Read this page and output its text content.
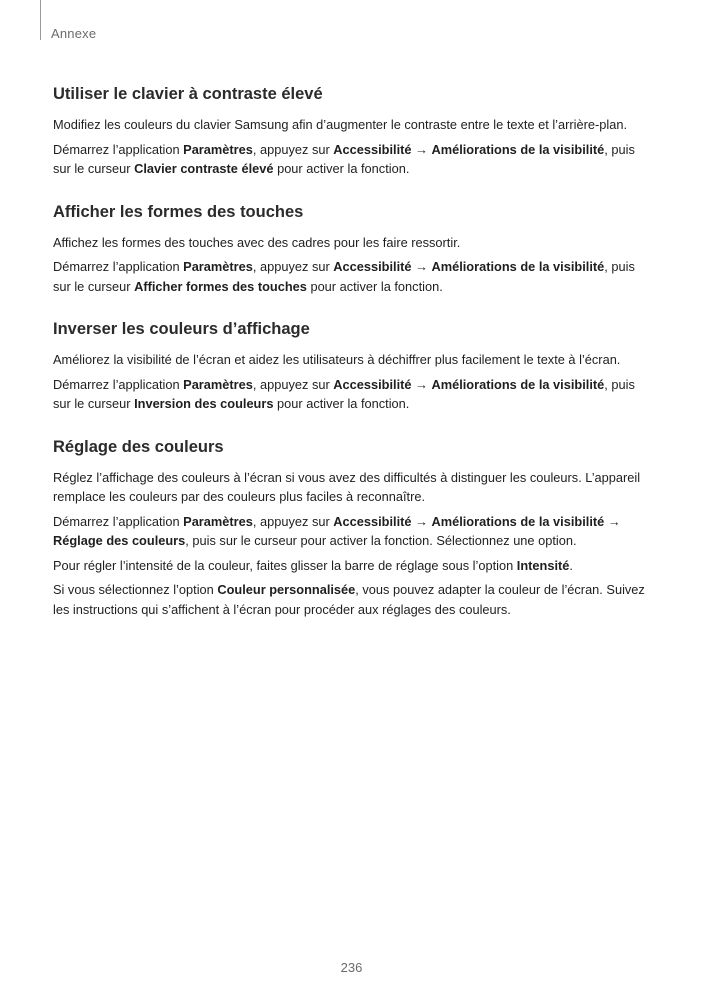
Annexe
Utiliser le clavier à contraste élevé

Modifiez les couleurs du clavier Samsung afin d’augmenter le contraste entre le texte et l’arrière-plan.

Démarrez l’application Paramètres, appuyez sur Accessibilité → Améliorations de la visibilité, puis sur le curseur Clavier contraste élevé pour activer la fonction.

Afficher les formes des touches

Affichez les formes des touches avec des cadres pour les faire ressortir.

Démarrez l’application Paramètres, appuyez sur Accessibilité → Améliorations de la visibilité, puis sur le curseur Afficher formes des touches pour activer la fonction.

Inverser les couleurs d’affichage

Améliorez la visibilité de l’écran et aidez les utilisateurs à déchiffrer plus facilement le texte à l’écran.

Démarrez l’application Paramètres, appuyez sur Accessibilité → Améliorations de la visibilité, puis sur le curseur Inversion des couleurs pour activer la fonction.

Réglage des couleurs

Réglez l’affichage des couleurs à l’écran si vous avez des difficultés à distinguer les couleurs. L’appareil remplace les couleurs par des couleurs plus faciles à reconnaître.

Démarrez l’application Paramètres, appuyez sur Accessibilité → Améliorations de la visibilité → Réglage des couleurs, puis sur le curseur pour activer la fonction. Sélectionnez une option.

Pour régler l’intensité de la couleur, faites glisser la barre de réglage sous l’option Intensité.

Si vous sélectionnez l’option Couleur personnalisée, vous pouvez adapter la couleur de l’écran. Suivez les instructions qui s’affichent à l’écran pour procéder aux réglages des couleurs.

236
